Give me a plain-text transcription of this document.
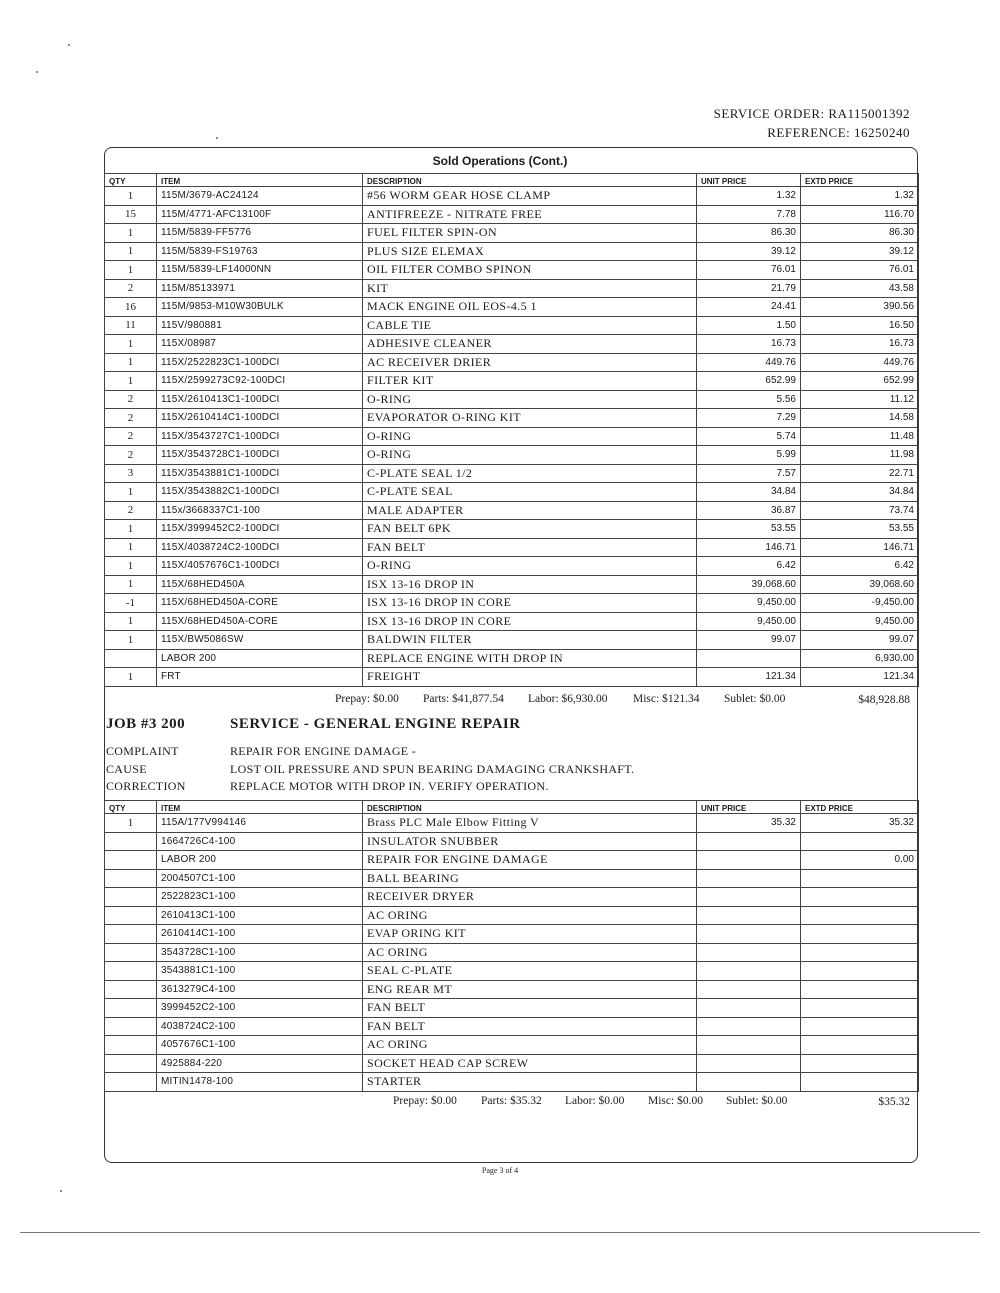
SERVICE ORDER: RA115001392
REFERENCE: 16250240
Sold Operations (Cont.)
QTY	ITEM	DESCRIPTION	UNIT PRICE	EXTD PRICE
1	115M/3679-AC24124	#56 WORM GEAR HOSE CLAMP	1.32	1.32
15	115M/4771-AFC13100F	ANTIFREEZE - NITRATE FREE	7.78	116.70
1	115M/5839-FF5776	FUEL FILTER SPIN-ON	86.30	86.30
1	115M/5839-FS19763	PLUS SIZE ELEMAX	39.12	39.12
1	115M/5839-LF14000NN	OIL FILTER COMBO SPINON	76.01	76.01
2	115M/85133971	KIT	21.79	43.58
16	115M/9853-M10W30BULK	MACK ENGINE OIL EOS-4.5 1	24.41	390.56
11	115V/980881	CABLE TIE	1.50	16.50
1	115X/08987	ADHESIVE CLEANER	16.73	16.73
1	115X/2522823C1-100DCI	AC RECEIVER DRIER	449.76	449.76
1	115X/2599273C92-100DCI	FILTER KIT	652.99	652.99
2	115X/2610413C1-100DCI	O-RING	5.56	11.12
2	115X/2610414C1-100DCI	EVAPORATOR O-RING KIT	7.29	14.58
2	115X/3543727C1-100DCI	O-RING	5.74	11.48
2	115X/3543728C1-100DCI	O-RING	5.99	11.98
3	115X/3543881C1-100DCI	C-PLATE SEAL 1/2	7.57	22.71
1	115X/3543882C1-100DCI	C-PLATE SEAL	34.84	34.84
2	115x/3668337C1-100	MALE ADAPTER	36.87	73.74
1	115X/3999452C2-100DCI	FAN BELT 6PK	53.55	53.55
1	115X/4038724C2-100DCI	FAN BELT	146.71	146.71
1	115X/4057676C1-100DCI	O-RING	6.42	6.42
1	115X/68HED450A	ISX 13-16 DROP IN	39,068.60	39,068.60
-1	115X/68HED450A-CORE	ISX 13-16 DROP IN CORE	9,450.00	-9,450.00
1	115X/68HED450A-CORE	ISX 13-16 DROP IN CORE	9,450.00	9,450.00
1	115X/BW5086SW	BALDWIN FILTER	99.07	99.07
	LABOR 200	REPLACE ENGINE WITH DROP IN		6,930.00
1	FRT	FREIGHT	121.34	121.34
Prepay: $0.00 Parts: $41,877.54 Labor: $6,930.00 Misc: $121.34 Sublet: $0.00	$48,928.88
JOB #3 200	SERVICE - GENERAL ENGINE REPAIR
COMPLAINT	REPAIR FOR ENGINE DAMAGE -
CAUSE	LOST OIL PRESSURE AND SPUN BEARING DAMAGING CRANKSHAFT.
CORRECTION	REPLACE MOTOR WITH DROP IN. VERIFY OPERATION.
QTY	ITEM	DESCRIPTION	UNIT PRICE	EXTD PRICE
1	115A/177V994146	Brass PLC Male Elbow Fitting V	35.32	35.32
	1664726C4-100	INSULATOR SNUBBER		
	LABOR 200	REPAIR FOR ENGINE DAMAGE		0.00
	2004507C1-100	BALL BEARING		
	2522823C1-100	RECEIVER DRYER		
	2610413C1-100	AC ORING		
	2610414C1-100	EVAP ORING KIT		
	3543728C1-100	AC ORING		
	3543881C1-100	SEAL C-PLATE		
	3613279C4-100	ENG REAR MT		
	3999452C2-100	FAN BELT		
	4038724C2-100	FAN BELT		
	4057676C1-100	AC ORING		
	4925884-220	SOCKET HEAD CAP SCREW		
	MITIN1478-100	STARTER		
Prepay: $0.00 Parts: $35.32 Labor: $0.00 Misc: $0.00 Sublet: $0.00	$35.32
Page 3 of 4
